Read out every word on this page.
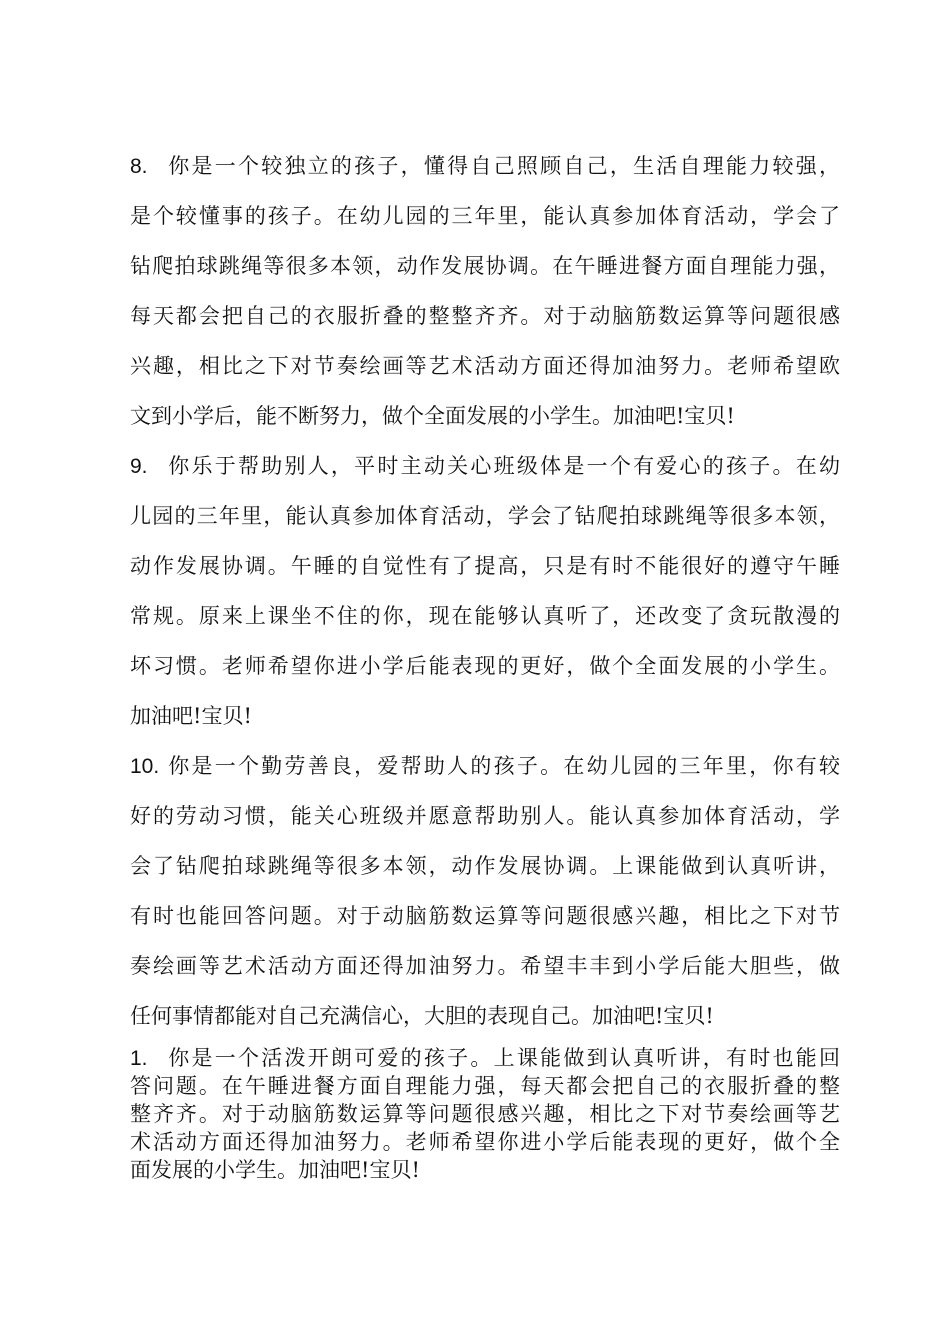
8. 你是一个较独立的孩子，懂得自己照顾自己，生活自理能力较强，
是个较懂事的孩子。在幼儿园的三年里，能认真参加体育活动，学会了
钻爬拍球跳绳等很多本领，动作发展协调。在午睡进餐方面自理能力强，
每天都会把自己的衣服折叠的整整齐齐。对于动脑筋数运算等问题很感
兴趣，相比之下对节奏绘画等艺术活动方面还得加油努力。老师希望欧
文到小学后，能不断努力，做个全面发展的小学生。加油吧!宝贝!
9. 你乐于帮助别人，平时主动关心班级体是一个有爱心的孩子。在幼
儿园的三年里，能认真参加体育活动，学会了钻爬拍球跳绳等很多本领，
动作发展协调。午睡的自觉性有了提高，只是有时不能很好的遵守午睡
常规。原来上课坐不住的你，现在能够认真听了，还改变了贪玩散漫的
坏习惯。老师希望你进小学后能表现的更好，做个全面发展的小学生。
加油吧!宝贝!
10. 你是一个勤劳善良，爱帮助人的孩子。在幼儿园的三年里，你有较
好的劳动习惯，能关心班级并愿意帮助别人。能认真参加体育活动，学
会了钻爬拍球跳绳等很多本领，动作发展协调。上课能做到认真听讲，
有时也能回答问题。对于动脑筋数运算等问题很感兴趣，相比之下对节
奏绘画等艺术活动方面还得加油努力。希望丰丰到小学后能大胆些，做
任何事情都能对自己充满信心，大胆的表现自己。加油吧!宝贝!
1. 你是一个活泼开朗可爱的孩子。上课能做到认真听讲，有时也能回
答问题。在午睡进餐方面自理能力强，每天都会把自己的衣服折叠的整
整齐齐。对于动脑筋数运算等问题很感兴趣，相比之下对节奏绘画等艺
术活动方面还得加油努力。老师希望你进小学后能表现的更好，做个全
面发展的小学生。加油吧!宝贝!
